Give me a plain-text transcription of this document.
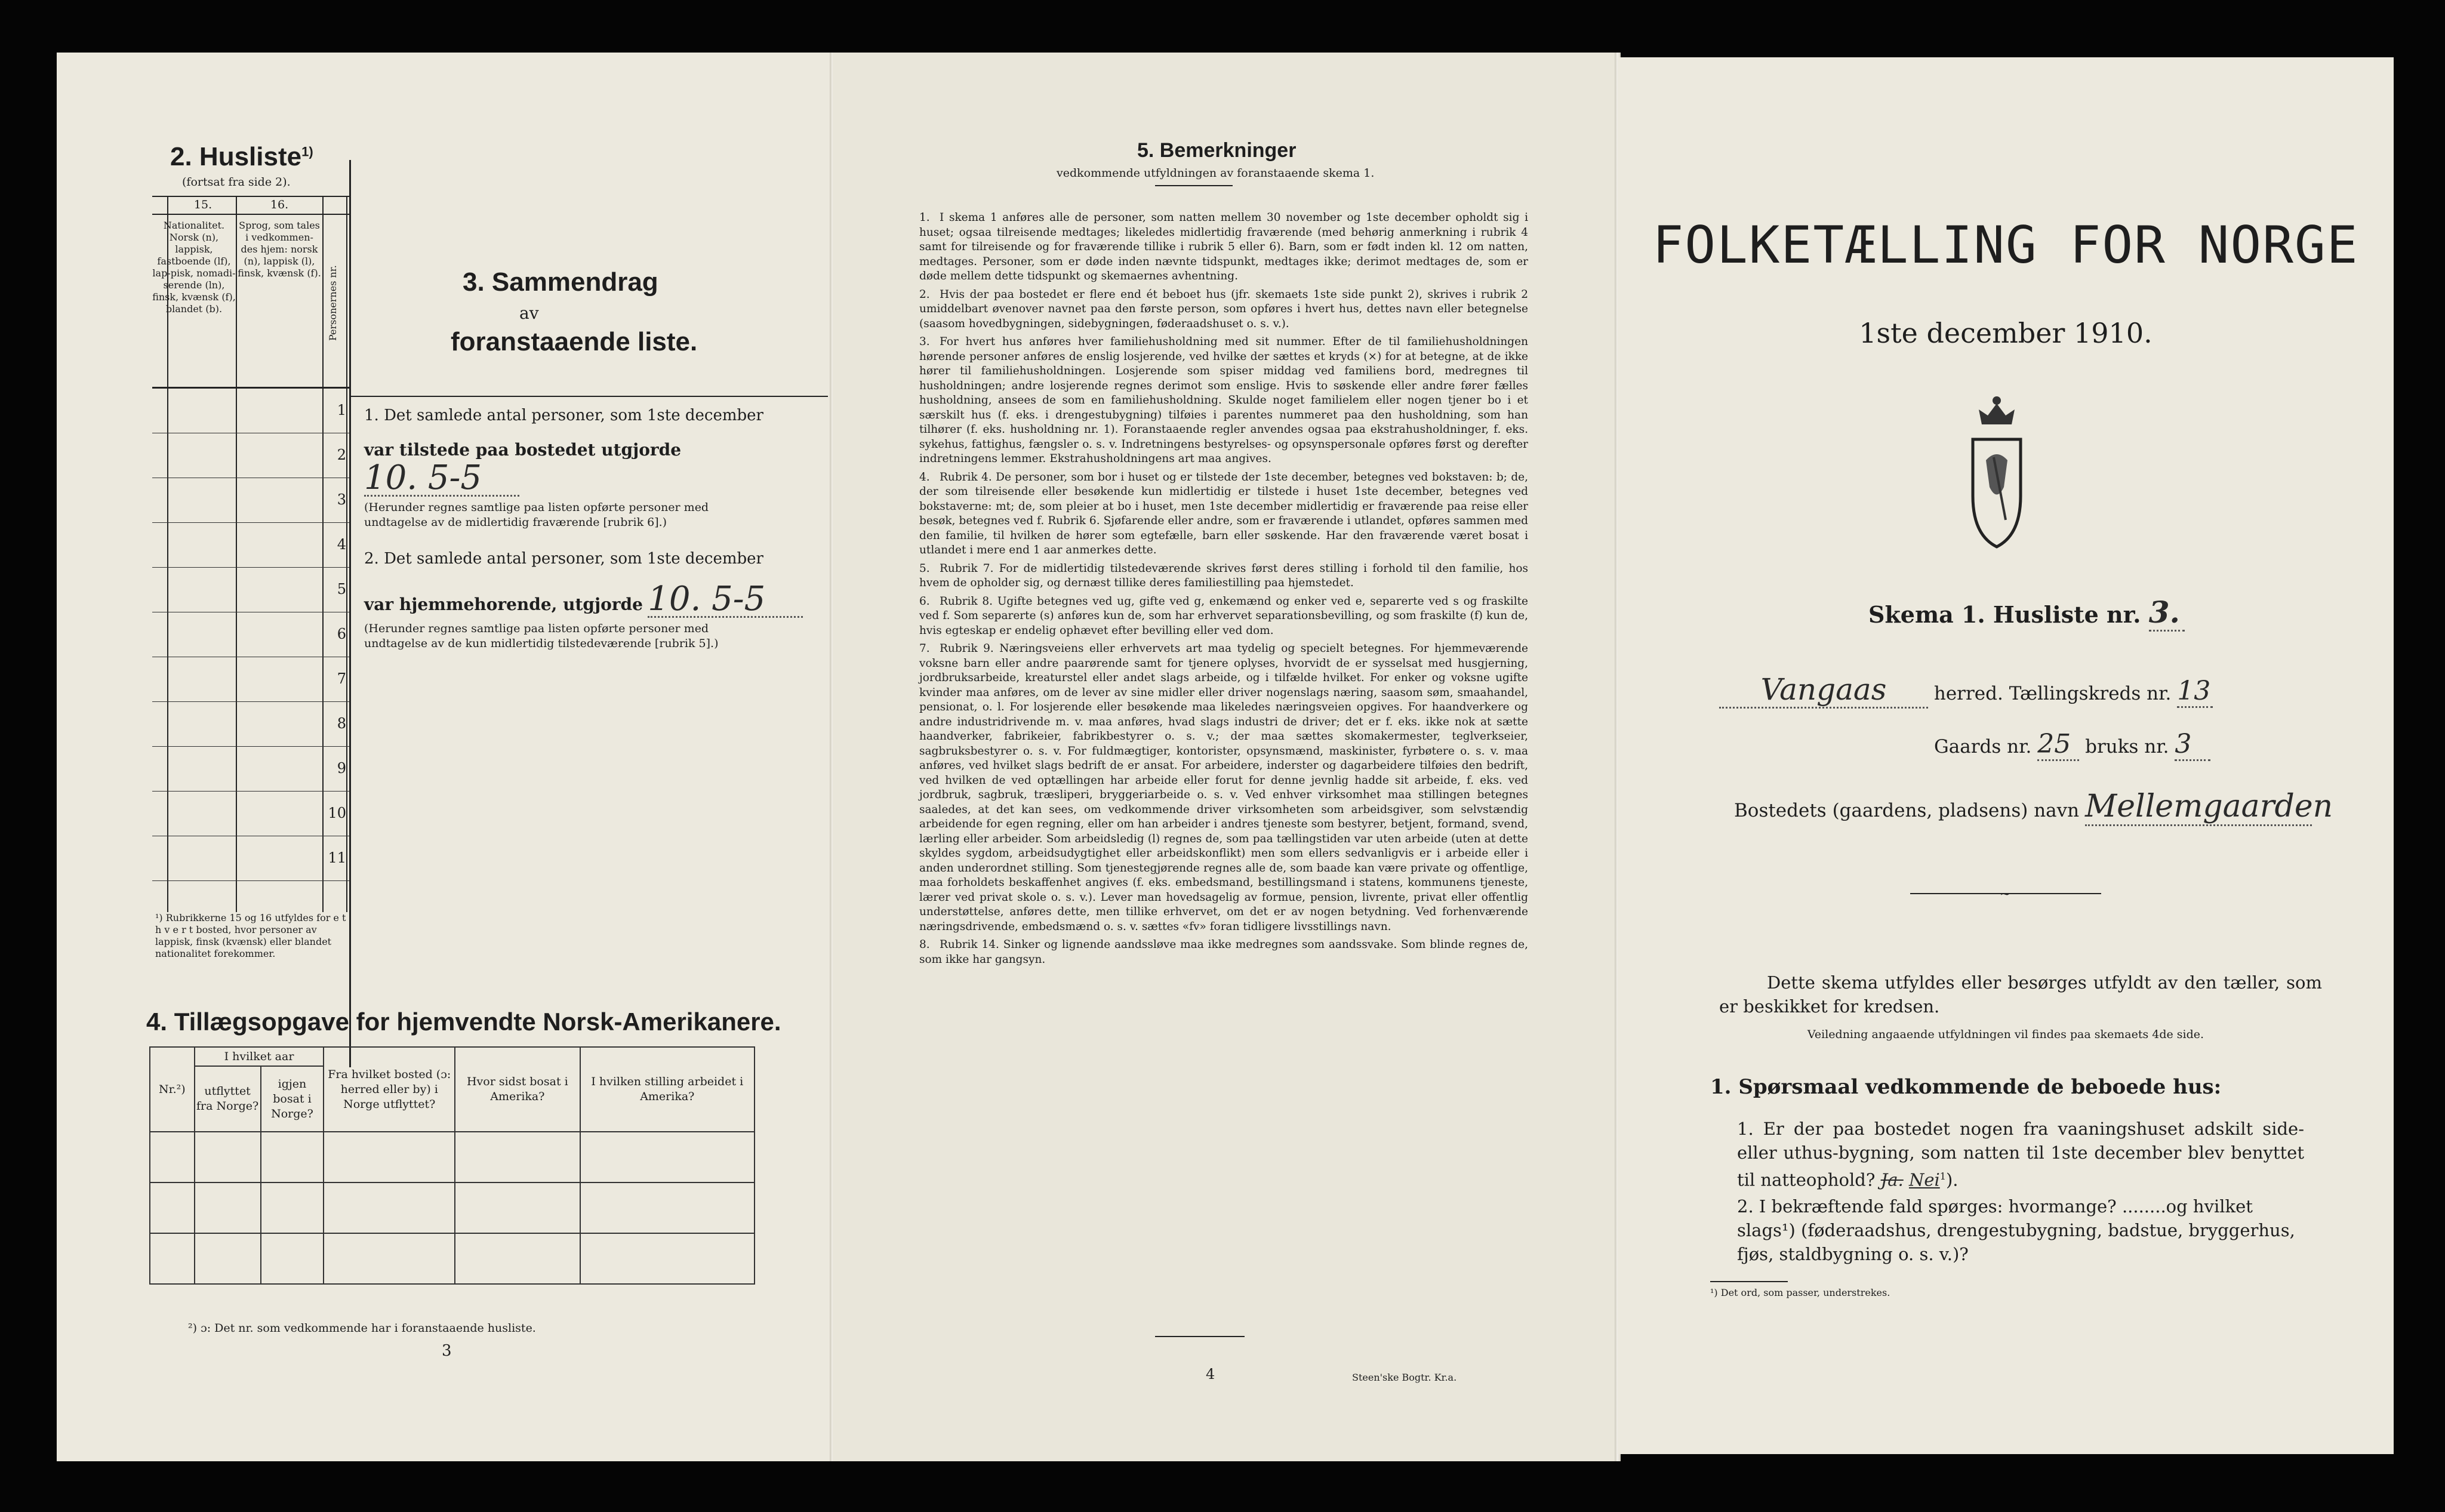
2. Husliste$^{1)}$
(fortsat fra side 2).
15.	16.
Nationalitet. Norsk (n), lappisk, fastboende (lf), lap-pisk, nomadi-serende (ln), finsk, kvænsk (f), blandet (b).
Sprog, som tales i vedkommen-des hjem: norsk (n), lappisk (l), finsk, kvænsk (f). Personernes nr.
1
2
3
4
5
6
7
8
9
10
11
¹) Rubrikkerne 15 og 16 utfyldes for e t h v e r t bosted, hvor personer av lappisk, finsk (kvænsk) eller blandet nationalitet forekommer.
3. Sammendrag
av
foranstaaende liste.
1. Det samlede antal personer, som 1ste december
var tilstede paa bostedet utgjorde 10. 5-5
(Herunder regnes samtlige paa listen opførte personer med undtagelse av de midlertidig fraværende [rubrik 6].)
2. Det samlede antal personer, som 1ste december
var hjemmehorende, utgjorde 10. 5-5
(Herunder regnes samtlige paa listen opførte personer med undtagelse av de kun midlertidig tilstedeværende [rubrik 5].)
4. Tillægsopgave for hjemvendte Norsk-Amerikanere.
Nr.²)	I hvilket aar		Fra hvilket bosted (ɔ: herred eller by) i Norge utflyttet?	Hvor sidst bosat i Amerika?	I hvilken stilling arbeidet i Amerika?
	utflyttet fra Norge?	igjen bosat i Norge?			

²) ɔ: Det nr. som vedkommende har i foranstaaende husliste.
3
5. Bemerkninger
vedkommende utfyldningen av foranstaaende skema 1.
1. I skema 1 anføres alle de personer, som natten mellem 30 november og 1ste december opholdt sig i huset; ogsaa tilreisende medtages; likeledes midlertidig fraværende (med behørig anmerkning i rubrik 4 samt for tilreisende og for fraværende tillike i rubrik 5 eller 6). Barn, som er født inden kl. 12 om natten, medtages. Personer, som er døde inden nævnte tidspunkt, medtages ikke; derimot medtages de, som er døde mellem dette tidspunkt og skemaernes avhentning.
2. Hvis der paa bostedet er flere end ét beboet hus (jfr. skemaets 1ste side punkt 2), skrives i rubrik 2 umiddelbart øvenover navnet paa den første person, som opføres i hvert hus, dettes navn eller betegnelse (saasom hovedbygningen, sidebygningen, føderaadshuset o. s. v.).
3. For hvert hus anføres hver familiehusholdning med sit nummer. Efter de til familiehusholdningen hørende personer anføres de enslig losjerende, ved hvilke der sættes et kryds (×) for at betegne, at de ikke hører til familiehusholdningen. Losjerende som spiser middag ved familiens bord, medregnes til husholdningen; andre losjerende regnes derimot som enslige. Hvis to søskende eller andre fører fælles husholdning, ansees de som en familiehusholdning. Skulde noget familielem eller nogen tjener bo i et særskilt hus (f. eks. i drengestubygning) tilføies i parentes nummeret paa den husholdning, som han tilhører (f. eks. husholdning nr. 1). Foranstaaende regler anvendes ogsaa paa ekstrahusholdninger, f. eks. sykehus, fattighus, fængsler o. s. v. Indretningens bestyrelses- og opsynspersonale opføres først og derefter indretningens lemmer. Ekstrahusholdningens art maa angives.
4. Rubrik 4. De personer, som bor i huset og er tilstede der 1ste december, betegnes ved bokstaven: b; de, der som tilreisende eller besøkende kun midlertidig er tilstede i huset 1ste december, betegnes ved bokstaverne: mt; de, som pleier at bo i huset, men 1ste december midlertidig er fraværende paa reise eller besøk, betegnes ved f. Rubrik 6. Sjøfarende eller andre, som er fraværende i utlandet, opføres sammen med den familie, til hvilken de hører som egtefælle, barn eller søskende. Har den fraværende været bosat i utlandet i mere end 1 aar anmerkes dette.
5. Rubrik 7. For de midlertidig tilstedeværende skrives først deres stilling i forhold til den familie, hos hvem de opholder sig, og dernæst tillike deres familiestilling paa hjemstedet.
6. Rubrik 8. Ugifte betegnes ved ug, gifte ved g, enkemænd og enker ved e, separerte ved s og fraskilte ved f. Som separerte (s) anføres kun de, som har erhvervet separationsbevilling, og som fraskilte (f) kun de, hvis egteskap er endelig ophævet efter bevilling eller ved dom.
7. Rubrik 9. Næringsveiens eller erhvervets art maa tydelig og specielt betegnes. For hjemmeværende voksne barn eller andre paarørende samt for tjenere oplyses, hvorvidt de er sysselsat med husgjerning, jordbruksarbeide, kreaturstel eller andet slags arbeide, og i tilfælde hvilket. For enker og voksne ugifte kvinder maa anføres, om de lever av sine midler eller driver nogenslags næring, saasom søm, smaahandel, pensionat, o. l. For losjerende eller besøkende maa likeledes næringsveien opgives. For haandverkere og andre industridrivende m. v. maa anføres, hvad slags industri de driver; det er f. eks. ikke nok at sætte haandverker, fabrikeier, fabrikbestyrer o. s. v.; der maa sættes skomakermester, teglverkseier, sagbruksbestyrer o. s. v. For fuldmægtiger, kontorister, opsynsmænd, maskinister, fyrbøtere o. s. v. maa anføres, ved hvilket slags bedrift de er ansat. For arbeidere, inderster og dagarbeidere tilføies den bedrift, ved hvilken de ved optællingen har arbeide eller forut for denne jevnlig hadde sit arbeide, f. eks. ved jordbruk, sagbruk, træsliperi, bryggeriarbeide o. s. v. Ved enhver virksomhet maa stillingen betegnes saaledes, at det kan sees, om vedkommende driver virksomheten som arbeidsgiver, som selvstændig arbeidende for egen regning, eller om han arbeider i andres tjeneste som bestyrer, betjent, formand, svend, lærling eller arbeider. Som arbeidsledig (l) regnes de, som paa tællingstiden var uten arbeide (uten at dette skyldes sygdom, arbeidsudygtighet eller arbeidskonflikt) men som ellers sedvanligvis er i arbeide eller i anden underordnet stilling. Som tjenestegjørende regnes alle de, som baade kan være private og offentlige, maa forholdets beskaffenhet angives (f. eks. embedsmand, bestillingsmand i statens, kommunens tjeneste, lærer ved privat skole o. s. v.). Lever man hovedsagelig av formue, pension, livrente, privat eller offentlig understøttelse, anføres dette, men tillike erhvervet, om det er av nogen betydning. Ved forhenværende næringsdrivende, embedsmænd o. s. v. sættes «fv» foran tidligere livsstillings navn.
8. Rubrik 14. Sinker og lignende aandssløve maa ikke medregnes som aandssvake. Som blinde regnes de, som ikke har gangsyn.
4	Steen'ske Bogtr. Kr.a.
FOLKETÆLLING FOR NORGE
1ste december 1910.
Skema 1. Husliste nr. 3.
Vangaas	herred. Tællingskreds nr. 13
Gaards nr. 25 bruks nr. 3
Bostedets (gaardens, pladsens) navn Mellemgaarden
~
Dette skema utfyldes eller besørges utfyldt av den tæller, som er beskikket for kredsen.
Veiledning angaaende utfyldningen vil findes paa skemaets 4de side.
1. Spørsmaal vedkommende de beboede hus:
1. Er der paa bostedet nogen fra vaaningshuset adskilt side- eller uthus-bygning, som natten til 1ste december blev benyttet til natteophold? Ja. Nei$^1$).
2. I bekræftende fald spørges: hvormange? ........og hvilket slags¹) (føderaadshus, drengestubygning, badstue, bryggerhus, fjøs, staldbygning o. s. v.)?
¹) Det ord, som passer, understrekes.
